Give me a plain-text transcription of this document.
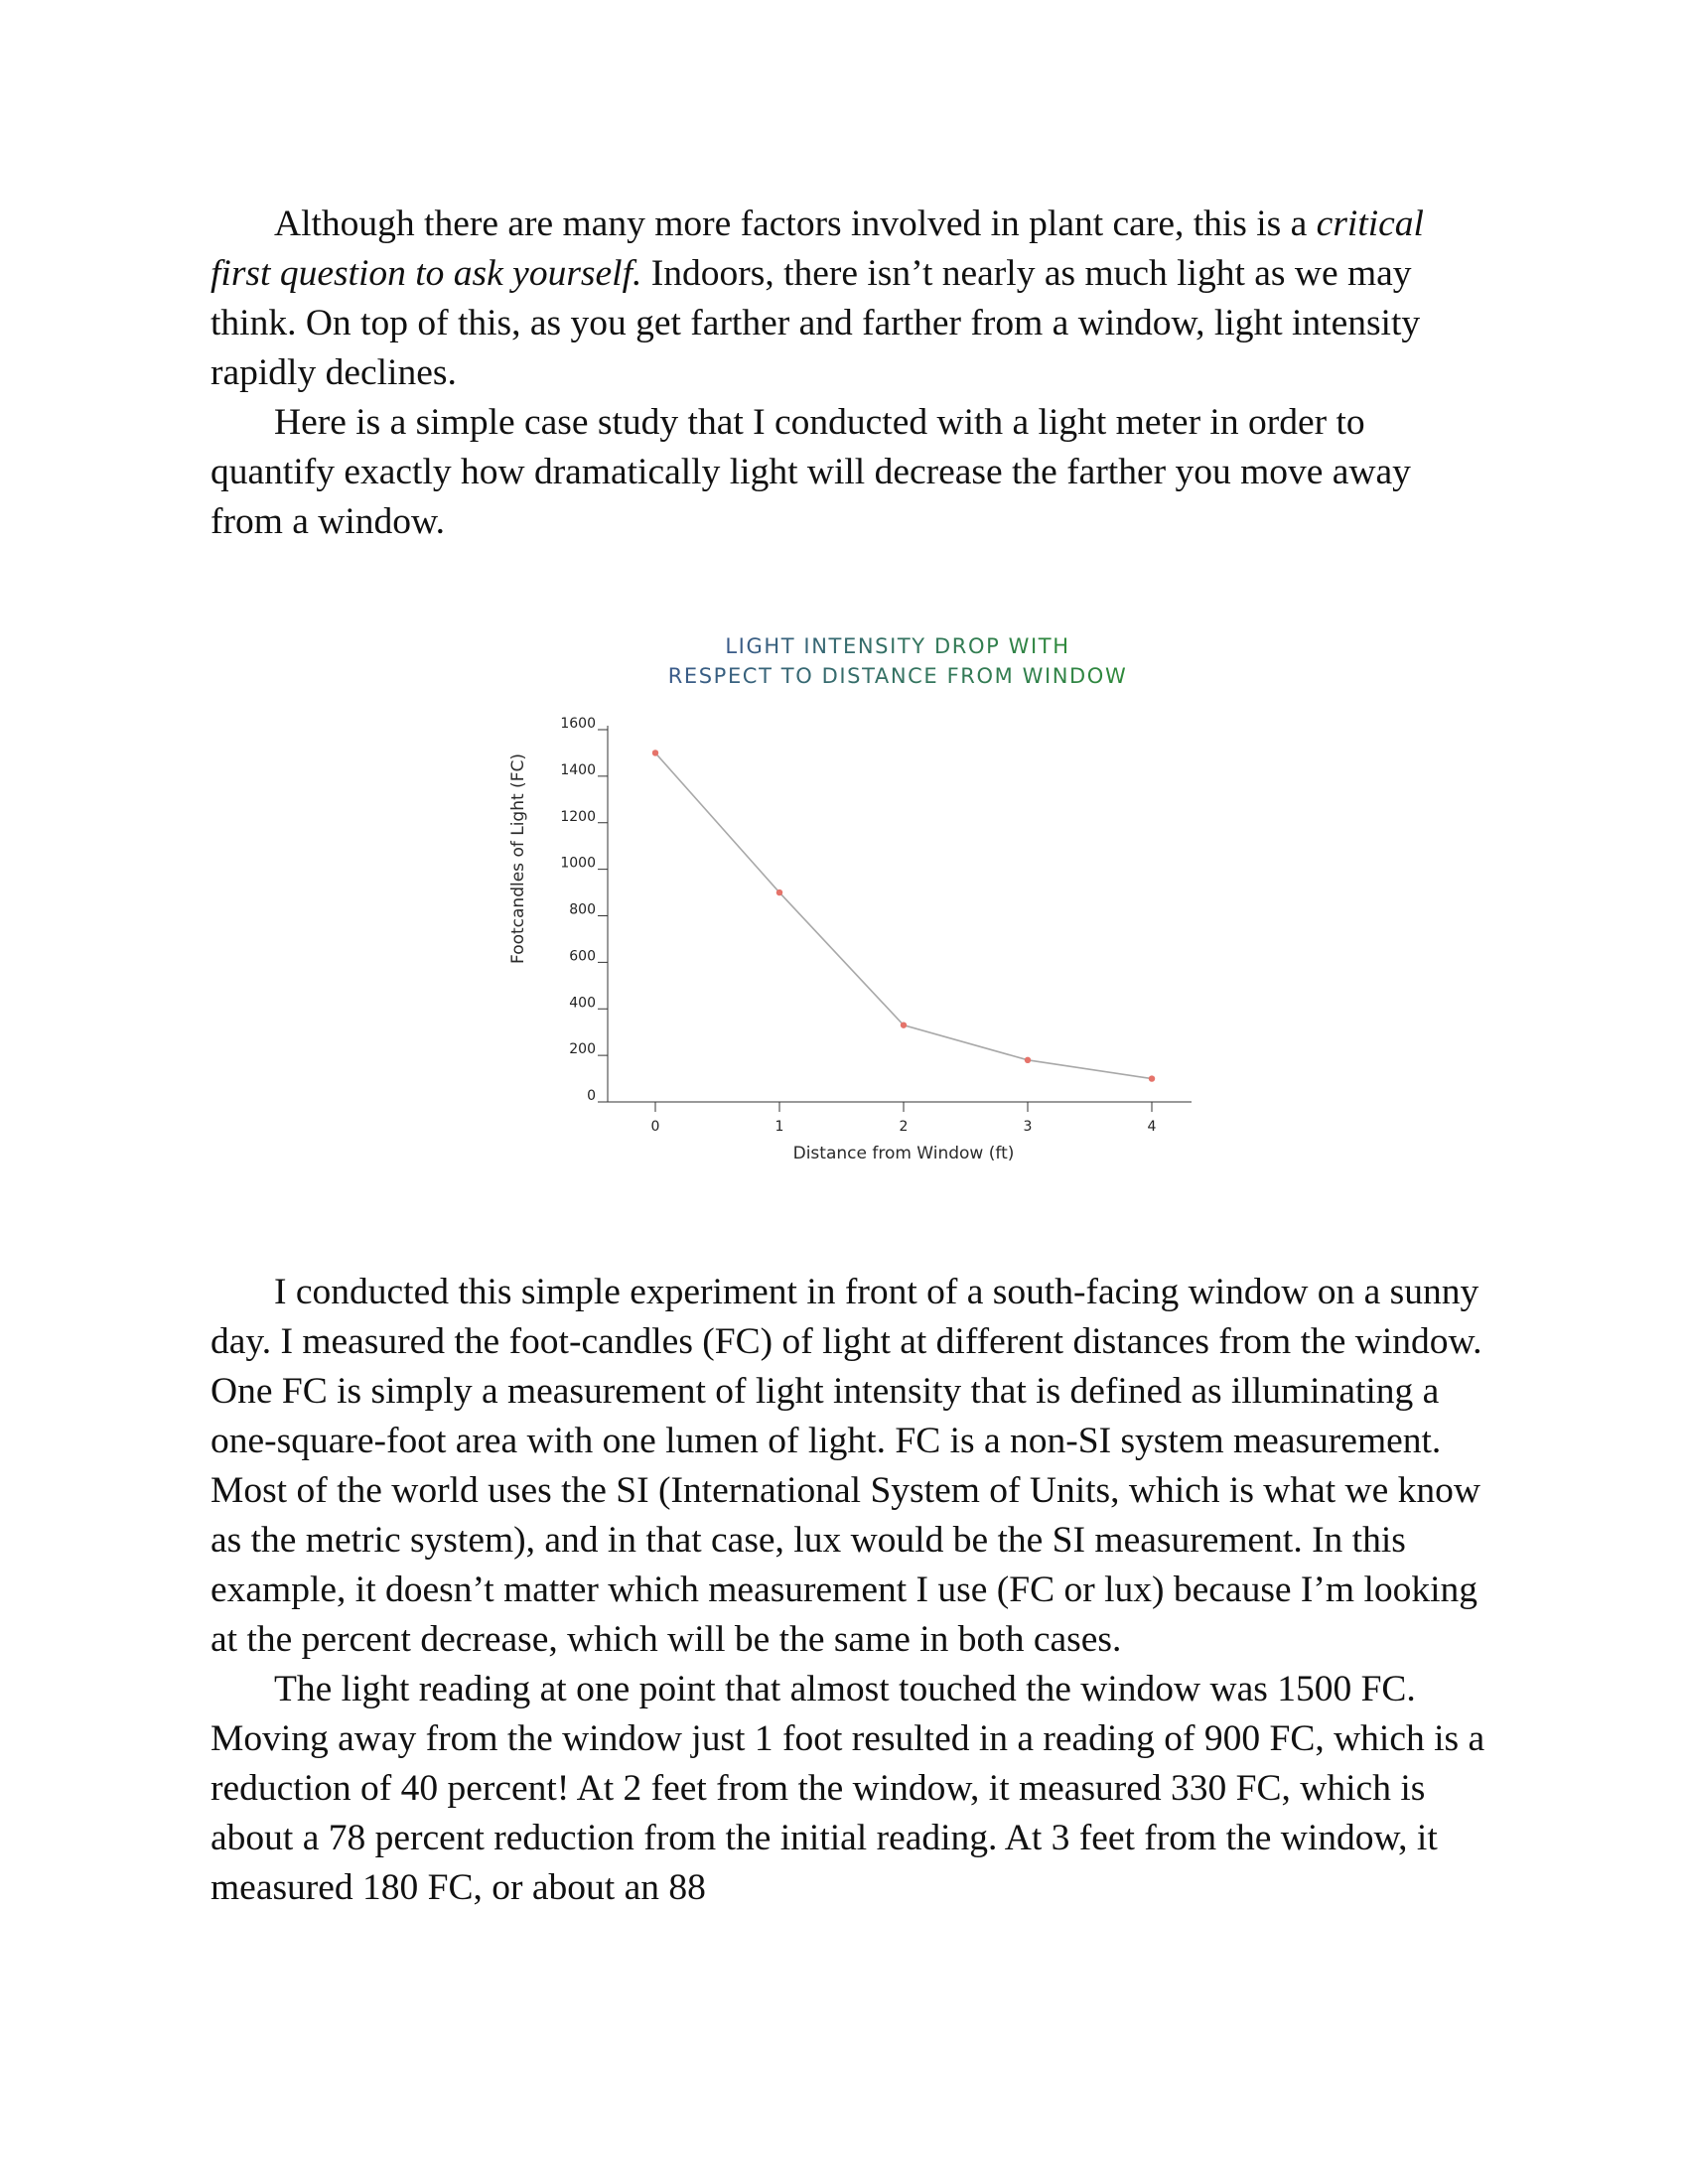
Although there are many more factors involved in plant care, this is a critical first question to ask yourself. Indoors, there isn’t nearly as much light as we may think. On top of this, as you get farther and farther from a window, light intensity rapidly declines.

Here is a simple case study that I conducted with a light meter in order to quantify exactly how dramatically light will decrease the farther you move away from a window.

LIGHT INTENSITY DROP WITH
RESPECT TO DISTANCE FROM WINDOW
0
200
400
600
800
1000
1200
1400
1600
0	1	2	3	4
Distance from Window (ft)
Footcandles of Light (FC)

I conducted this simple experiment in front of a south-facing window on a sunny day. I measured the foot-candles (FC) of light at different distances from the window. One FC is simply a measurement of light intensity that is defined as illuminating a one-square-foot area with one lumen of light. FC is a non-SI system measurement. Most of the world uses the SI (International System of Units, which is what we know as the metric system), and in that case, lux would be the SI measurement. In this example, it doesn’t matter which measurement I use (FC or lux) because I’m looking at the percent decrease, which will be the same in both cases.

The light reading at one point that almost touched the window was 1500 FC. Moving away from the window just 1 foot resulted in a reading of 900 FC, which is a reduction of 40 percent! At 2 feet from the window, it measured 330 FC, which is about a 78 percent reduction from the initial reading. At 3 feet from the window, it measured 180 FC, or about an 88
